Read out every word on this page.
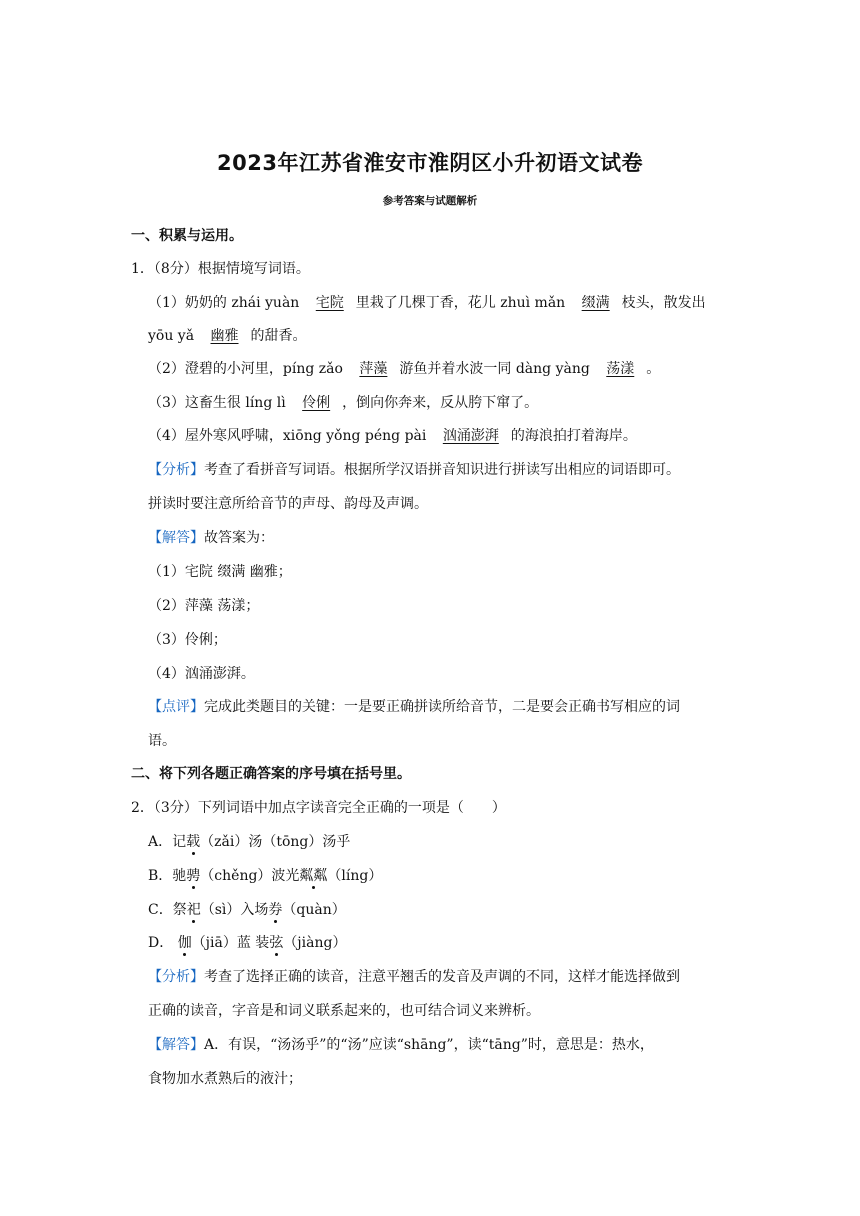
2023年江苏省淮安市淮阴区小升初语文试卷
参考答案与试题解析
一、积累与运用。
1．（8分）根据情境写词语。
（1）奶奶的 zhái yuàn 宅院 里栽了几棵丁香，花儿 zhuì mǎn 缀满 枝头，散发出
yōu yǎ 幽雅 的甜香。
（2）澄碧的小河里，píng zǎo 萍藻 游鱼并着水波一同 dàng yàng 荡漾 。
（3）这畜生很 líng lì 伶俐 ，倒向你奔来，反从胯下窜了。
（4）屋外寒风呼啸，xiōng yǒng péng pài 汹涌澎湃 的海浪拍打着海岸。
【分析】考查了看拼音写词语。根据所学汉语拼音知识进行拼读写出相应的词语即可。
拼读时要注意所给音节的声母、韵母及声调。
【解答】故答案为：
（1）宅院 缀满 幽雅；
（2）萍藻 荡漾；
（3）伶俐；
（4）汹涌澎湃。
【点评】完成此类题目的关键：一是要正确拼读所给音节，二是要会正确书写相应的词
语。
二、将下列各题正确答案的序号填在括号里。
2．（3分）下列词语中加点字读音完全正确的一项是（　　）
A．记载（zǎi）汤（tōng）汤乎
B．驰骋（chěng）波光粼粼（líng）
C．祭祀（sì）入场券（quàn）
D． 伽（jiā）蓝 装弦（jiàng）
【分析】考查了选择正确的读音，注意平翘舌的发音及声调的不同，这样才能选择做到
正确的读音，字音是和词义联系起来的，也可结合词义来辨析。
【解答】A．有误，“汤汤乎”的“汤”应读“shāng”，读“tāng”时，意思是：热水，
食物加水煮熟后的液汁；
